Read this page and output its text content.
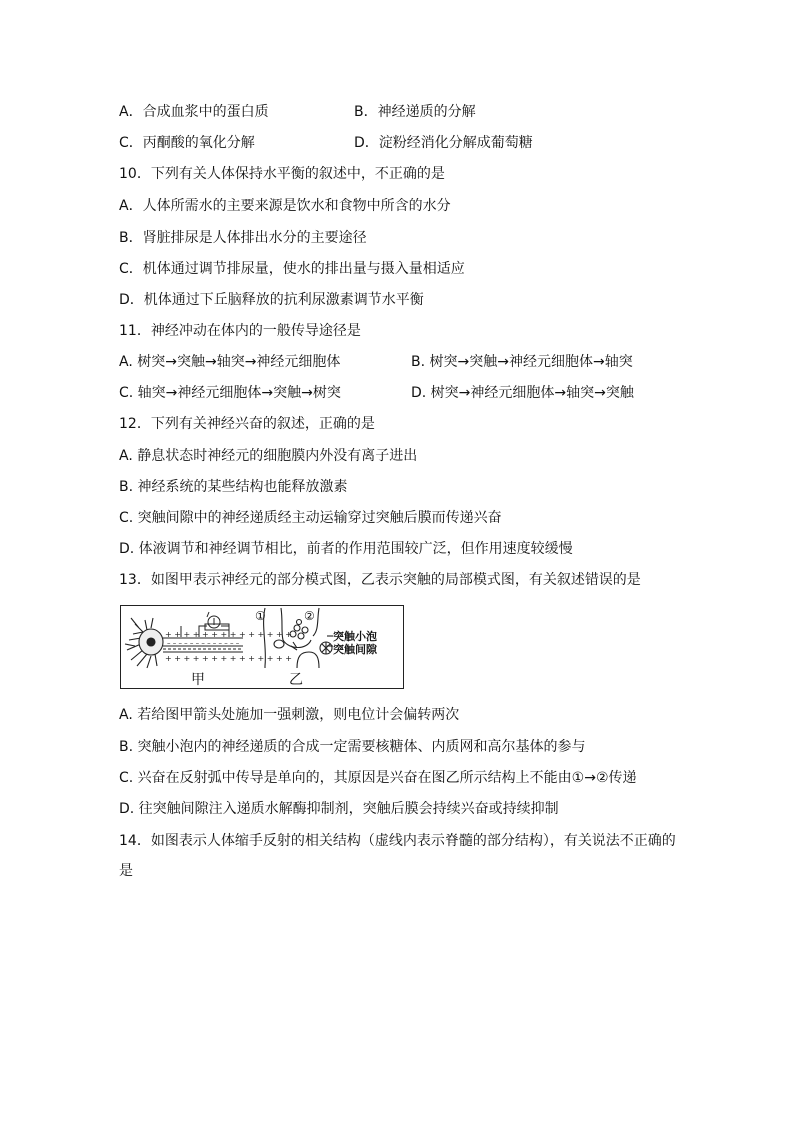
A．合成血浆中的蛋白质	B．神经递质的分解
C．丙酮酸的氧化分解	D．淀粉经消化分解成葡萄糖
10．下列有关人体保持水平衡的叙述中，不正确的是
A．人体所需水的主要来源是饮水和食物中所含的水分
B．肾脏排尿是人体排出水分的主要途径
C．机体通过调节排尿量，使水的排出量与摄入量相适应
D．机体通过下丘脑释放的抗利尿激素调节水平衡
11．神经冲动在体内的一般传导途径是
A. 树突→突触→轴突→神经元细胞体	B. 树突→突触→神经元细胞体→轴突
C. 轴突→神经元细胞体→突触→树突	D. 树突→神经元细胞体→轴突→突触
12．下列有关神经兴奋的叙述，正确的是
A. 静息状态时神经元的细胞膜内外没有离子进出
B. 神经系统的某些结构也能释放激素
C. 突触间隙中的神经递质经主动运输穿过突触后膜而传递兴奋
D. 体液调节和神经调节相比，前者的作用范围较广泛，但作用速度较缓慢
13．如图甲表示神经元的部分模式图，乙表示突触的局部模式图，有关叙述错误的是
+ + + + + + + + + + + + + +
+ + + + + + + + + + + + + +
– – – – – – – – – – – – –
甲
①	②
突触小泡
突触间隙
乙
A. 若给图甲箭头处施加一强刺激，则电位计会偏转两次
B. 突触小泡内的神经递质的合成一定需要核糖体、内质网和高尔基体的参与
C. 兴奋在反射弧中传导是单向的，其原因是兴奋在图乙所示结构上不能由①→②传递
D. 往突触间隙注入递质水解酶抑制剂，突触后膜会持续兴奋或持续抑制
14．如图表示人体缩手反射的相关结构（虚线内表示脊髓的部分结构），有关说法不正确的
是
